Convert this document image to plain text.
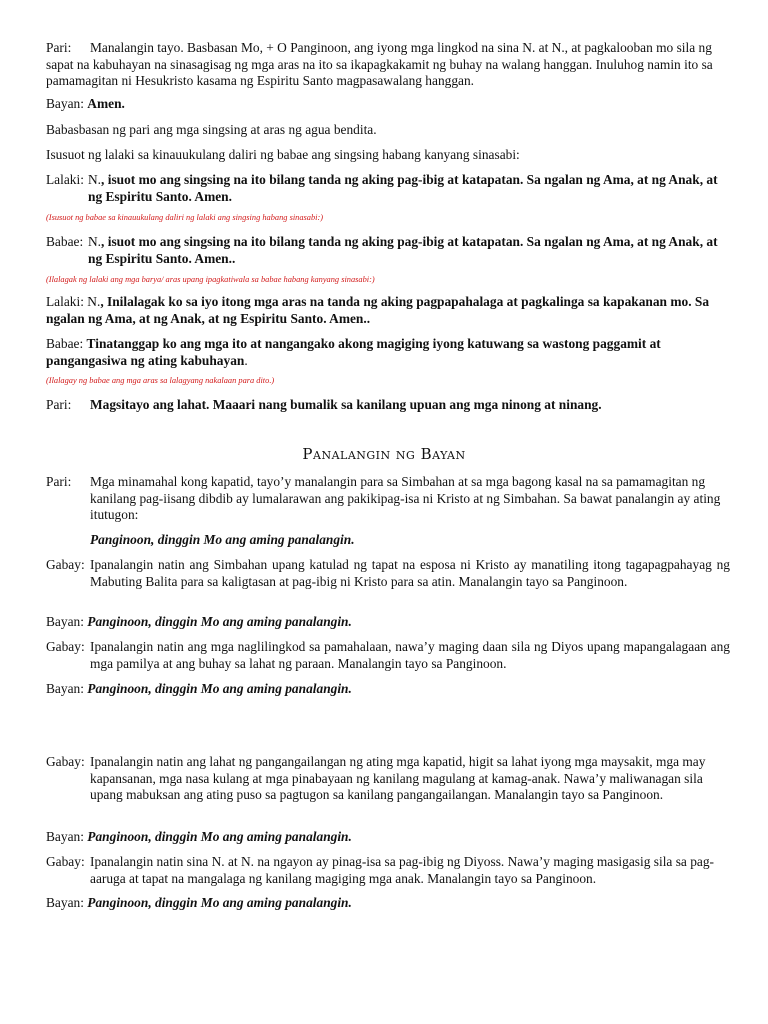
Pari: Manalangin tayo. Basbasan Mo, + O Panginoon, ang iyong mga lingkod na sina N. at N., at pagkalooban mo sila ng sapat na kabuhayan na sinasagisag ng mga aras na ito sa ikapagkakamit ng buhay na walang hanggan. Inuluhog namin ito sa pamamagitan ni Hesukristo kasama ng Espiritu Santo magpasawalang hanggan.
Bayan: Amen.
Babasbasan ng pari ang mga singsing at aras ng agua bendita.
Isusuot ng lalaki sa kinauukulang daliri ng babae ang singsing habang kanyang sinasabi:
Lalaki: N., isuot mo ang singsing na ito bilang tanda ng aking pag-ibig at katapatan. Sa ngalan ng Ama, at ng Anak, at ng Espiritu Santo. Amen.
(Isusuot ng babae sa kinauukulang daliri ng lalaki ang singsing habang sinasabi:)
Babae: N., isuot mo ang singsing na ito bilang tanda ng aking pag-ibig at katapatan. Sa ngalan ng Ama, at ng Anak, at ng Espiritu Santo. Amen..
(Ilalagak ng lalaki ang mga barya/ aras upang ipagkatiwala sa babae habang kanyang sinasabi:)
Lalaki: N., Inilalagak ko sa iyo itong mga aras na tanda ng aking pagpapahalaga at pagkalinga sa kapakanan mo. Sa ngalan ng Ama, at ng Anak, at ng Espiritu Santo. Amen..
Babae: Tinatanggap ko ang mga ito at nangangako akong magiging iyong katuwang sa wastong paggamit at pangangasiwa ng ating kabuhayan.
(Ilalagay ng babae ang mga aras sa lalagyang nakalaan para dito.)
Pari: Magsitayo ang lahat. Maaari nang bumalik sa kanilang upuan ang mga ninong at ninang.
Panalangin ng Bayan
Pari: Mga minamahal kong kapatid, tayo’y manalangin para sa Simbahan at sa mga bagong kasal na sa pamamagitan ng kanilang pag-iisang dibdib ay lumalarawan ang pakikipag-isa ni Kristo at ng Simbahan. Sa bawat panalangin ay ating itutugon:
Panginoon, dinggin Mo ang aming panalangin.
Gabay: Ipanalangin natin ang Simbahan upang katulad ng tapat na esposa ni Kristo ay manatiling itong tagapagpahayag ng Mabuting Balita para sa kaligtasan at pag-ibig ni Kristo para sa atin. Manalangin tayo sa Panginoon.
Bayan: Panginoon, dinggin Mo ang aming panalangin.
Gabay: Ipanalangin natin ang mga naglilingkod sa pamahalaan, nawa’y maging daan sila ng Diyos upang mapangalagaan ang mga pamilya at ang buhay sa lahat ng paraan. Manalangin tayo sa Panginoon.
Bayan: Panginoon, dinggin Mo ang aming panalangin.
Gabay: Ipanalangin natin ang lahat ng pangangailangan ng ating mga kapatid, higit sa lahat iyong mga maysakit, mga may kapansanan, mga nasa kulang at mga pinabayaan ng kanilang magulang at kamag-anak. Nawa’y maliwanagan sila upang mabuksan ang ating puso sa pagtugon sa kanilang pangangailangan. Manalangin tayo sa Panginoon.
Bayan: Panginoon, dinggin Mo ang aming panalangin.
Gabay: Ipanalangin natin sina N. at N. na ngayon ay pinag-isa sa pag-ibig ng Diyoss. Nawa’y maging masigasig sila sa pag-aaruga at tapat na mangalaga ng kanilang magiging mga anak. Manalangin tayo sa Panginoon.
Bayan: Panginoon, dinggin Mo ang aming panalangin.
